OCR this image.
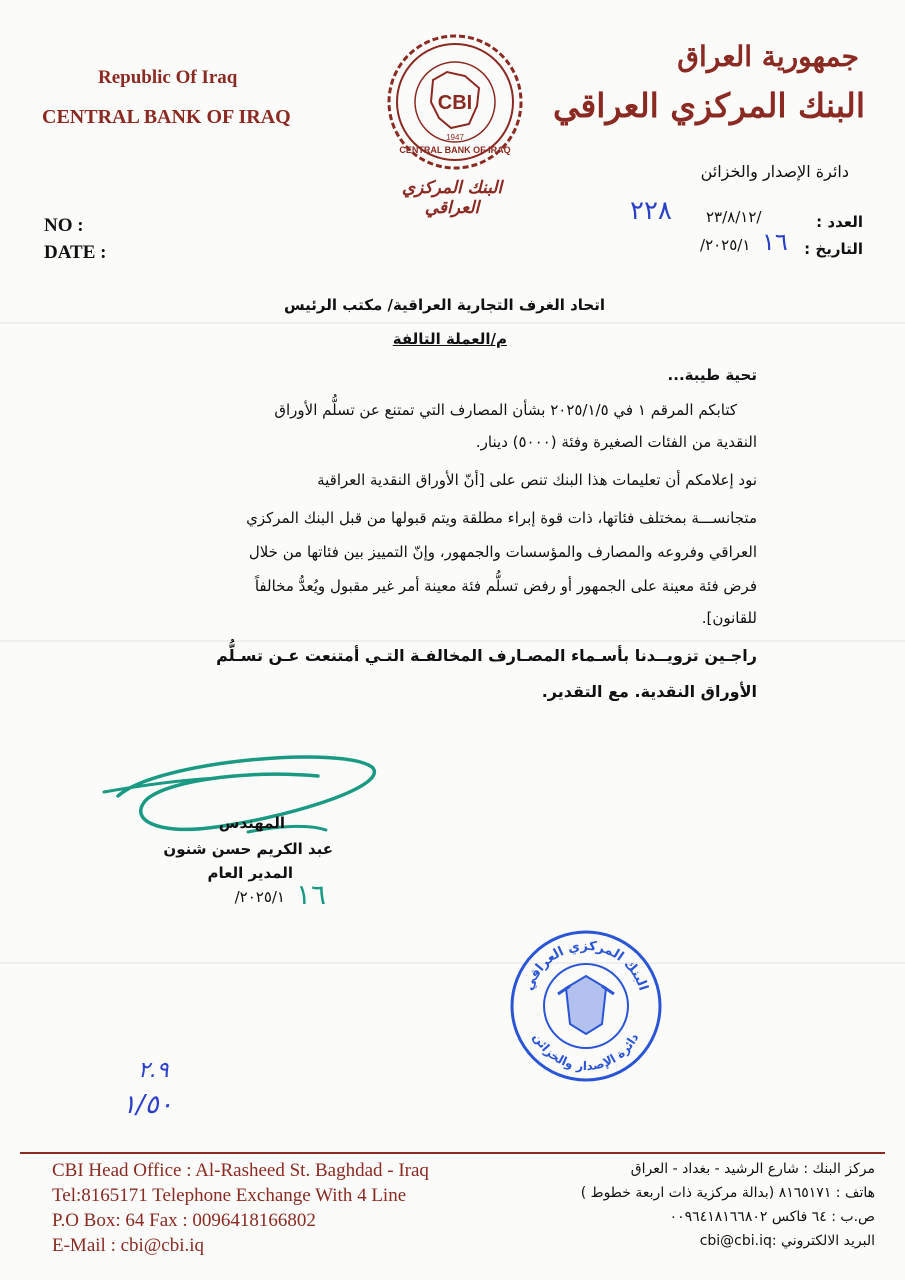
Republic Of Iraq
CENTRAL BANK OF IRAQ
CBI
1947
CENTRAL BANK OF IRAQ
البنك المركزي العراقي
جمهورية العراق
البنك المركزي العراقي
دائرة الإصدار والخزائن
NO :
DATE :
العدد :
التاريخ :
/٢٣/٨/١٢
٢٢٨
٢٠٢٥/١/ ١٦
اتحاد الغرف التجارية العراقية/ مكتب الرئيس
م/العملة التالفة
تحية طيبة...
كتابكم المرقم ١ في ٢٠٢٥/١/٥ بشأن المصارف التي تمتنع عن تسلُّم الأوراق
النقدية من الفئات الصغيرة وفئة (٥٠٠٠) دينار.
نود إعلامكم أن تعليمات هذا البنك تنص على [أنّ الأوراق النقدية العراقية
متجانســـة بمختلف فئاتها، ذات قوة إبراء مطلقة ويتم قبولها من قبل البنك المركزي
العراقي وفروعه والمصارف والمؤسسات والجمهور، وإنّ التمييز بين فئاتها من خلال
فرض فئة معينة على الجمهور أو رفض تسلُّم فئة معينة أمر غير مقبول ويُعدُّ مخالفاً
للقانون].
راجـين تزويــدنا بأسـماء المصـارف المخالفـة التـي أمتنعت عـن تسـلُّم
الأوراق النقدية. مع التقدير.
المهندس
عبد الكريم حسن شنون
المدير العام
٢٠٢٥/١/ ١٦
البنك المركزي العراقي
دائرة الإصدار والخزائن
٢.٩
١/٥٠
CBI Head Office : Al-Rasheed St. Baghdad - Iraq
Tel:8165171 Telephone Exchange With 4 Line
P.O Box: 64 Fax : 0096418166802
E-Mail : cbi@cbi.iq
مركز البنك : شارع الرشيد - بغداد - العراق
هاتف : ٨١٦٥١٧١ (بدالة مركزية ذات اربعة خطوط )
ص.ب : ٦٤ فاكس ٠٠٩٦٤١٨١٦٦٨٠٢
البريد الالكتروني :cbi@cbi.iq
